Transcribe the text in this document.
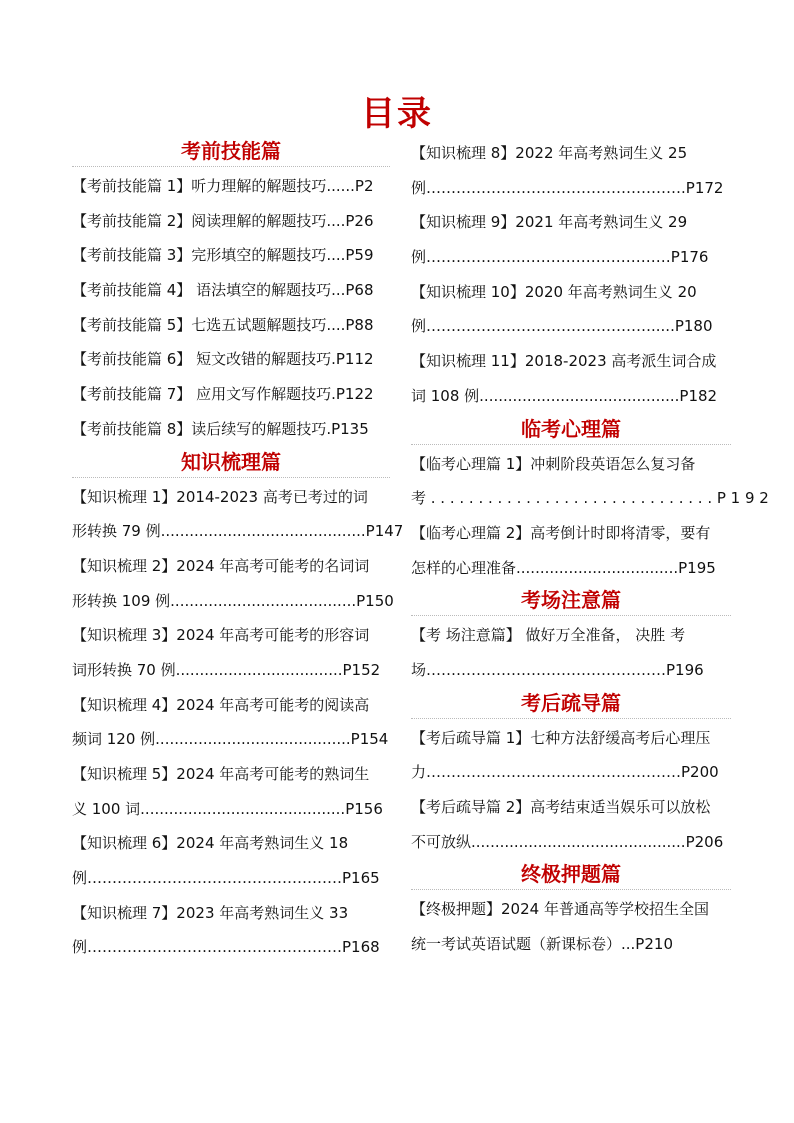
目录
考前技能篇
【考前技能篇 1】听力理解的解题技巧......P2
【考前技能篇 2】阅读理解的解题技巧....P26
【考前技能篇 3】完形填空的解题技巧....P59
【考前技能篇 4】 语法填空的解题技巧...P68
【考前技能篇 5】七选五试题解题技巧....P88
【考前技能篇 6】 短文改错的解题技巧.P112
【考前技能篇 7】 应用文写作解题技巧.P122
【考前技能篇 8】读后续写的解题技巧.P135
知识梳理篇
【知识梳理 1】2014-2023 高考已考过的词
形转换 79 例...........................................P147
【知识梳理 2】2024 年高考可能考的名词词
形转换 109 例.......................................P150
【知识梳理 3】2024 年高考可能考的形容词
词形转换 70 例...................................P152
【知识梳理 4】2024 年高考可能考的阅读高
频词 120 例.........................................P154
【知识梳理 5】2024 年高考可能考的熟词生
义 100 词...........................................P156
【知识梳理 6】2024 年高考熟词生义 18
例……………………………………………P165
【知识梳理 7】2023 年高考熟词生义 33
例……………………………………………P168
【知识梳理 8】2022 年高考熟词生义 25
例…………………………………………….P172
【知识梳理 9】2021 年高考熟词生义 29
例……………….…………………………P176
【知识梳理 10】2020 年高考熟词生义 20
例……………………………………….....P180
【知识梳理 11】2018-2023 高考派生词合成
词 108 例..........................................P182
临考心理篇
【临考心理篇 1】冲刺阶段英语怎么复习备
考 . . . . . . . . . . . . . . . . . . . . . . . . . . . . . . P 1 9 2
【临考心理篇 2】高考倒计时即将清零，要有
怎样的心理准备..................................P195
考场注意篇
【考 场注意篇】 做好万全准备， 决胜 考
场…………………………………………P196
考后疏导篇
【考后疏导篇 1】七种方法舒缓高考后心理压
力……………………………………………P200
【考后疏导篇 2】高考结束适当娱乐可以放松
不可放纵.............................................P206
终极押题篇
【终极押题】2024 年普通高等学校招生全国
统一考试英语试题（新课标卷）...P210
